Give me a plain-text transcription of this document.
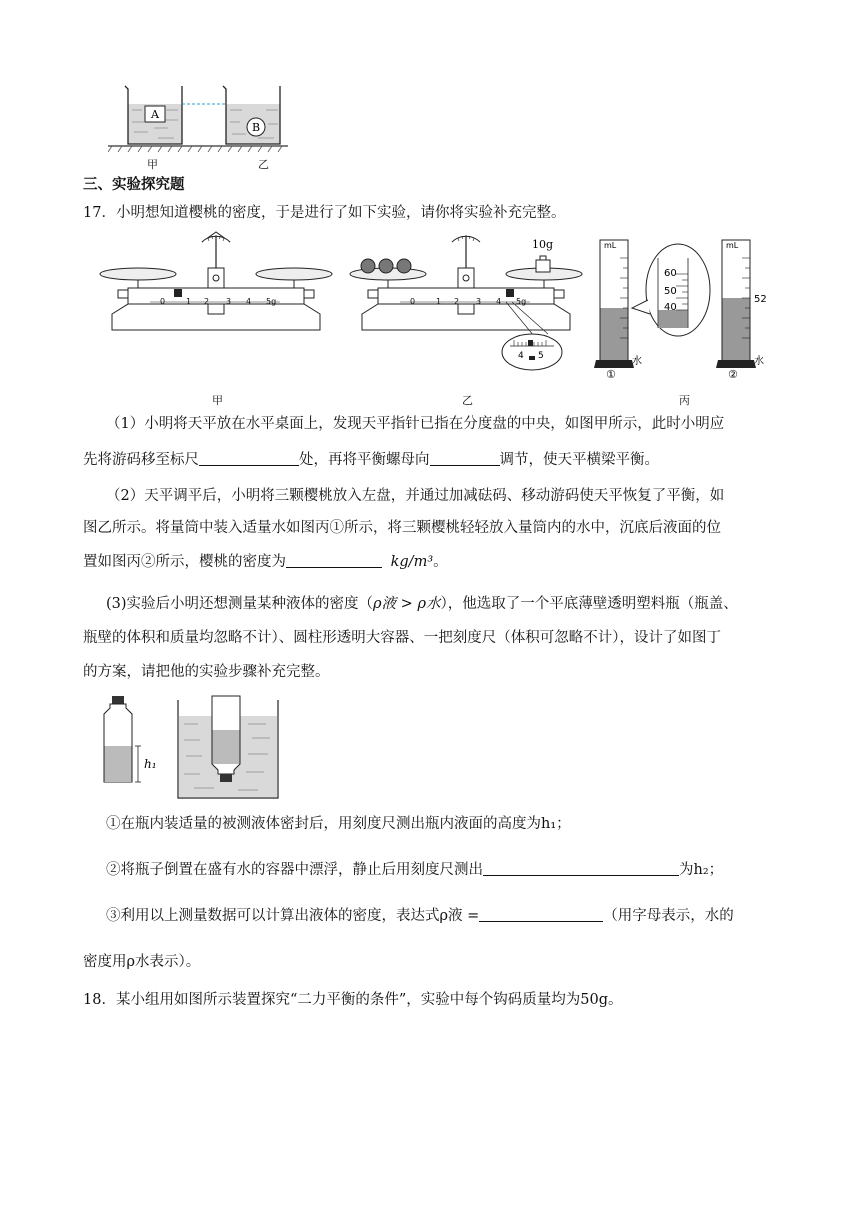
A
B
甲	乙
三、实验探究题
17．小明想知道樱桃的密度，于是进行了如下实验，请你将实验补充完整。
0	1 2 3 4 5g
10g
0	1 2 3 4 5g
4 5
mL
水
①
60
50
40
mL
52
水
②
甲	乙	丙
（1）小明将天平放在水平桌面上，发现天平指针已指在分度盘的中央，如图甲所示，此时小明应
先将游码移至标尺	处，再将平衡螺母向	调节，使天平横梁平衡。
（2）天平调平后，小明将三颗樱桃放入左盘，并通过加减砝码、移动游码使天平恢复了平衡，如
图乙所示。将量筒中装入适量水如图丙①所示，将三颗樱桃轻轻放入量筒内的水中，沉底后液面的位
置如图丙②所示，樱桃的密度为	kg/m³。
(3)实验后小明还想测量某种液体的密度（ρ液 > ρ水），他选取了一个平底薄壁透明塑料瓶（瓶盖、
瓶壁的体积和质量均忽略不计）、圆柱形透明大容器、一把刻度尺（体积可忽略不计），设计了如图丁
的方案，请把他的实验步骤补充完整。
h₁
①在瓶内装适量的被测液体密封后，用刻度尺测出瓶内液面的高度为h₁；
②将瓶子倒置在盛有水的容器中漂浮，静止后用刻度尺测出	为h₂；
③利用以上测量数据可以计算出液体的密度，表达式ρ液 =	（用字母表示，水的
密度用ρ水表示）。
18．某小组用如图所示装置探究“二力平衡的条件”，实验中每个钩码质量均为50g。
